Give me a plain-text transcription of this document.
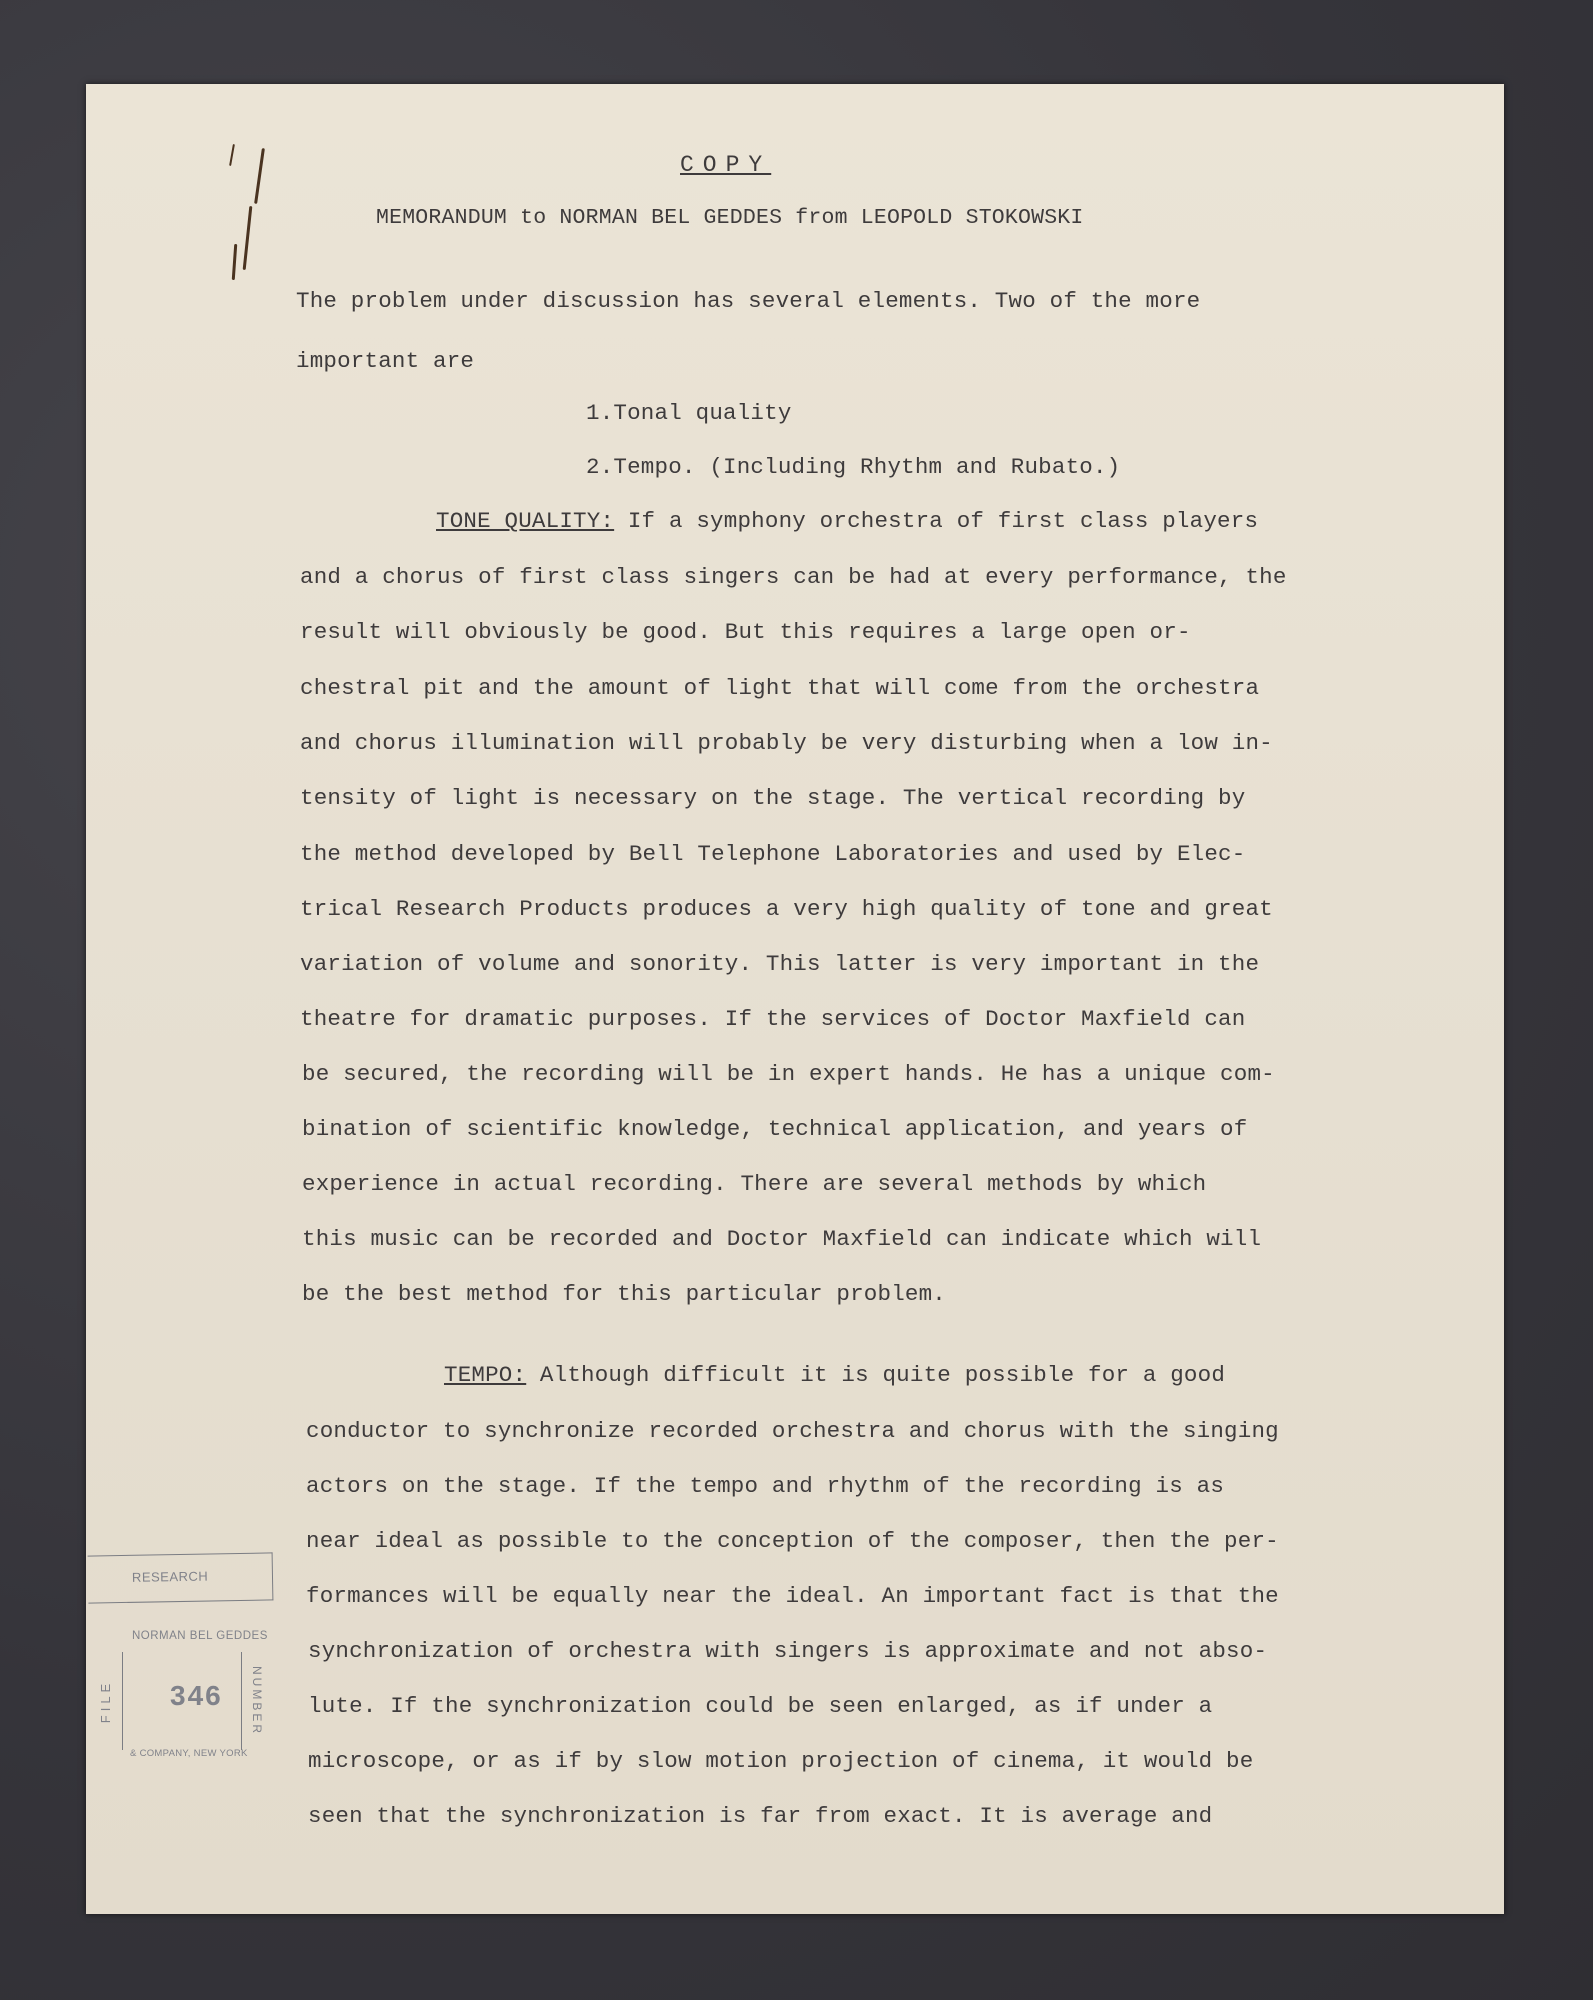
COPY
MEMORANDUM to NORMAN BEL GEDDES from LEOPOLD STOKOWSKI
The problem under discussion has several elements. Two of the more
important are
1.Tonal quality
2.Tempo. (Including Rhythm and Rubato.)
TONE QUALITY: If a symphony orchestra of first class players
and a chorus of first class singers can be had at every performance, the
result will obviously be good. But this requires a large open or-
chestral pit and the amount of light that will come from the orchestra
and chorus illumination will probably be very disturbing when a low in-
tensity of light is necessary on the stage. The vertical recording by
the method developed by Bell Telephone Laboratories and used by Elec-
trical Research Products produces a very high quality of tone and great
variation of volume and sonority. This latter is very important in the
theatre for dramatic purposes. If the services of Doctor Maxfield can
be secured, the recording will be in expert hands. He has a unique com-
bination of scientific knowledge, technical application, and years of
experience in actual recording. There are several methods by which
this music can be recorded and Doctor Maxfield can indicate which will
be the best method for this particular problem.
TEMPO: Although difficult it is quite possible for a good
conductor to synchronize recorded orchestra and chorus with the singing
actors on the stage. If the tempo and rhythm of the recording is as
near ideal as possible to the conception of the composer, then the per-
formances will be equally near the ideal. An important fact is that the
synchronization of orchestra with singers is approximate and not abso-
lute. If the synchronization could be seen enlarged, as if under a
microscope, or as if by slow motion projection of cinema, it would be
seen that the synchronization is far from exact. It is average and
RESEARCH
NORMAN BEL GEDDES
FILE 346 NUMBER
& COMPANY, NEW YORK
